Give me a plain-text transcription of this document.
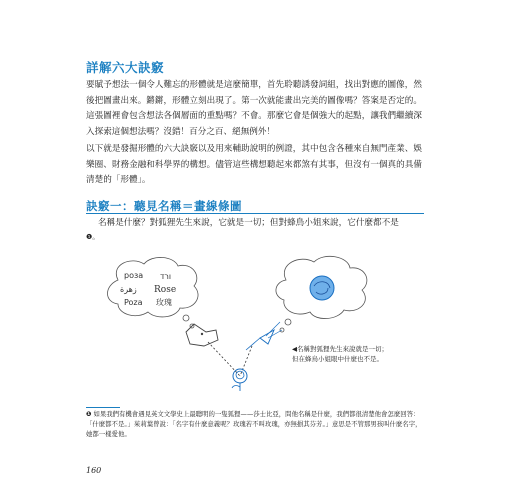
詳解六大訣竅

要賦予想法一個令人難忘的形體就是這麼簡單，首先聆聽誘發詞組，找出對應的圖像，然後把圖畫出來。鏘鏘，形體立刻出現了。第一次就能畫出完美的圖像嗎？答案是否定的。這張圖裡會包含想法各個層面的重點嗎？不會。那麼它會是個強大的起點，讓我們繼續深入探索這個想法嗎？沒錯！百分之百、絕無例外！

以下就是發掘形體的六大訣竅以及用來輔助說明的例證，其中包含各種來自無門產業、娛樂圈、財務金融和科學界的構想。儘管這些構想聽起來都煞有其事，但沒有一個真的具備清楚的「形體」。

訣竅一：聽見名稱＝畫線條圖
名稱是什麼？對狐狸先生來說，它就是一切；但對蜂鳥小姐來說，它什麼都不是
❶。
роза ורד
زهرة Rose
Poza 玫瑰
◀名稱對狐狸先生來說就是一切；
但在蜂鳥小姐眼中什麼也不是。

❶ 如果我們有機會遇見英文文學史上最聰明的一隻狐狸——莎士比亞，問他名稱是什麼，我們都很清楚他會怎麼回答：「什麼都不是。」茱莉葉曾說：「名字有什麼意義呢？玫瑰若不叫玫瑰，亦無損其芬芳。」意思是不管那男孩叫什麼名字，她都一樣愛他。

160
